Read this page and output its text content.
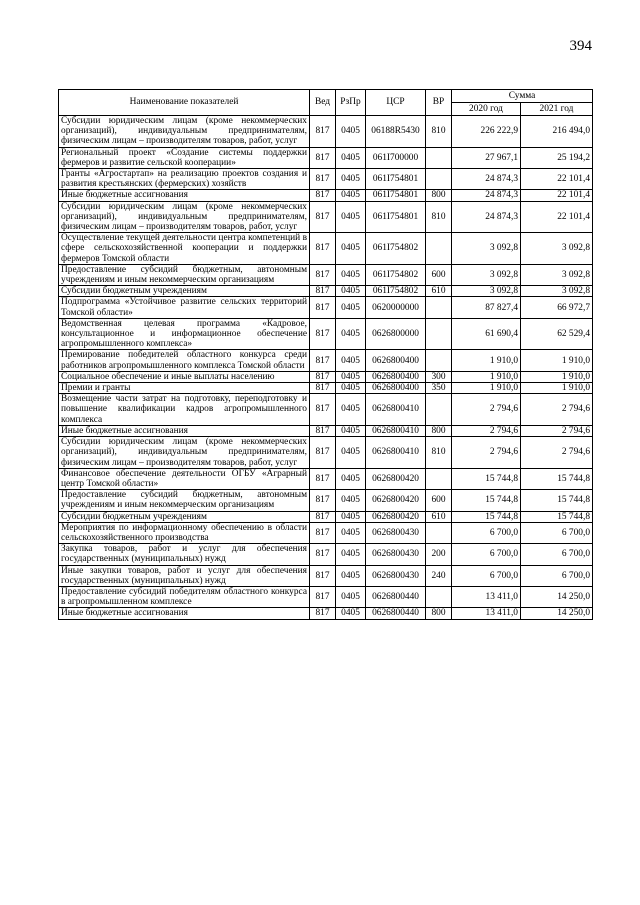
394
Наименование показателей	Вед	РзПр	ЦСР	ВР	Сумма	
					2020 год	2021 год
Субсидии юридическим лицам (кроме некоммерческих организаций), индивидуальным предпринимателям, физическим лицам – производителям товаров, работ, услуг	817	0405	06188R5430	810	226 222,9	216 494,0
Региональный проект «Создание системы поддержки фермеров и развитие сельской кооперации»	817	0405	061I700000		27 967,1	25 194,2
Гранты «Агростартап» на реализацию проектов создания и развития крестьянских (фермерских) хозяйств	817	0405	061I754801		24 874,3	22 101,4
Иные бюджетные ассигнования	817	0405	061I754801	800	24 874,3	22 101,4
Субсидии юридическим лицам (кроме некоммерческих организаций), индивидуальным предпринимателям, физическим лицам – производителям товаров, работ, услуг	817	0405	061I754801	810	24 874,3	22 101,4
Осуществление текущей деятельности центра компетенций в сфере сельскохозяйственной кооперации и поддержки фермеров Томской области	817	0405	061I754802		3 092,8	3 092,8
Предоставление субсидий бюджетным, автономным учреждениям и иным некоммерческим организациям	817	0405	061I754802	600	3 092,8	3 092,8
Субсидии бюджетным учреждениям	817	0405	061I754802	610	3 092,8	3 092,8
Подпрограмма «Устойчивое развитие сельских территорий Томской области»	817	0405	0620000000		87 827,4	66 972,7
Ведомственная целевая программа «Кадровое, консультационное и информационное обеспечение агропромышленного комплекса»	817	0405	0626800000		61 690,4	62 529,4
Премирование победителей областного конкурса среди работников агропромышленного комплекса Томской области	817	0405	0626800400		1 910,0	1 910,0
Социальное обеспечение и иные выплаты населению	817	0405	0626800400	300	1 910,0	1 910,0
Премии и гранты	817	0405	0626800400	350	1 910,0	1 910,0
Возмещение части затрат на подготовку, переподготовку и повышение квалификации кадров агропромышленного комплекса	817	0405	0626800410		2 794,6	2 794,6
Иные бюджетные ассигнования	817	0405	0626800410	800	2 794,6	2 794,6
Субсидии юридическим лицам (кроме некоммерческих организаций), индивидуальным предпринимателям, физическим лицам – производителям товаров, работ, услуг	817	0405	0626800410	810	2 794,6	2 794,6
Финансовое обеспечение деятельности ОГБУ «Аграрный центр Томской области»	817	0405	0626800420		15 744,8	15 744,8
Предоставление субсидий бюджетным, автономным учреждениям и иным некоммерческим организациям	817	0405	0626800420	600	15 744,8	15 744,8
Субсидии бюджетным учреждениям	817	0405	0626800420	610	15 744,8	15 744,8
Мероприятия по информационному обеспечению в области сельскохозяйственного производства	817	0405	0626800430		6 700,0	6 700,0
Закупка товаров, работ и услуг для обеспечения государственных (муниципальных) нужд	817	0405	0626800430	200	6 700,0	6 700,0
Иные закупки товаров, работ и услуг для обеспечения государственных (муниципальных) нужд	817	0405	0626800430	240	6 700,0	6 700,0
Предоставление субсидий победителям областного конкурса в агропромышленном комплексе	817	0405	0626800440		13 411,0	14 250,0
Иные бюджетные ассигнования	817	0405	0626800440	800	13 411,0	14 250,0
